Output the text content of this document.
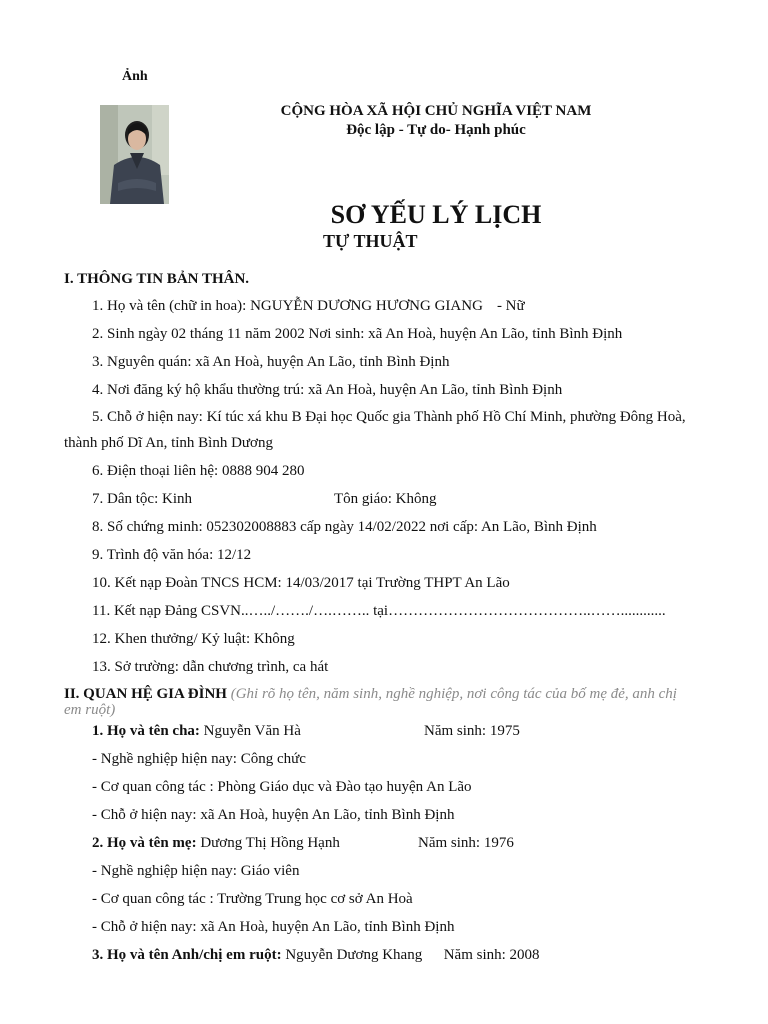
Ảnh
CỘNG HÒA XÃ HỘI CHỦ NGHĨA VIỆT NAM
Độc lập - Tự do- Hạnh phúc
SƠ YẾU LÝ LỊCH
TỰ THUẬT
I. THÔNG TIN BẢN THÂN.
1. Họ và tên (chữ in hoa): NGUYỄN DƯƠNG HƯƠNG GIANG - Nữ
2. Sinh ngày 02 tháng 11 năm 2002 Nơi sinh: xã An Hoà, huyện An Lão, tỉnh Bình Định
3. Nguyên quán: xã An Hoà, huyện An Lão, tỉnh Bình Định
4. Nơi đăng ký hộ khẩu thường trú: xã An Hoà, huyện An Lão, tỉnh Bình Định
5. Chỗ ở hiện nay: Kí túc xá khu B Đại học Quốc gia Thành phố Hồ Chí Minh, phường Đông Hoà, thành phố Dĩ An, tỉnh Bình Dương
6. Điện thoại liên hệ: 0888 904 280
7. Dân tộc: Kinh	Tôn giáo: Không
8. Số chứng minh: 052302008883 cấp ngày 14/02/2022 nơi cấp: An Lão, Bình Định
9. Trình độ văn hóa: 12/12
10. Kết nạp Đoàn TNCS HCM: 14/03/2017 tại Trường THPT An Lão
11. Kết nạp Đảng CSVN..…../……./….…….. tại…………………………………..……............
12. Khen thưởng/ Kỷ luật: Không
13. Sở trường: dẫn chương trình, ca hát
II. QUAN HỆ GIA ĐÌNH (Ghi rõ họ tên, năm sinh, nghề nghiệp, nơi công tác của bố mẹ đẻ, anh chị em ruột)
1. Họ và tên cha: Nguyễn Văn Hà	Năm sinh: 1975
- Nghề nghiệp hiện nay: Công chức
- Cơ quan công tác : Phòng Giáo dục và Đào tạo huyện An Lão
- Chỗ ở hiện nay: xã An Hoà, huyện An Lão, tỉnh Bình Định
2. Họ và tên mẹ: Dương Thị Hồng Hạnh	Năm sinh: 1976
- Nghề nghiệp hiện nay: Giáo viên
- Cơ quan công tác : Trường Trung học cơ sở An Hoà
- Chỗ ở hiện nay: xã An Hoà, huyện An Lão, tỉnh Bình Định
3. Họ và tên Anh/chị em ruột: Nguyễn Dương Khang Năm sinh: 2008
